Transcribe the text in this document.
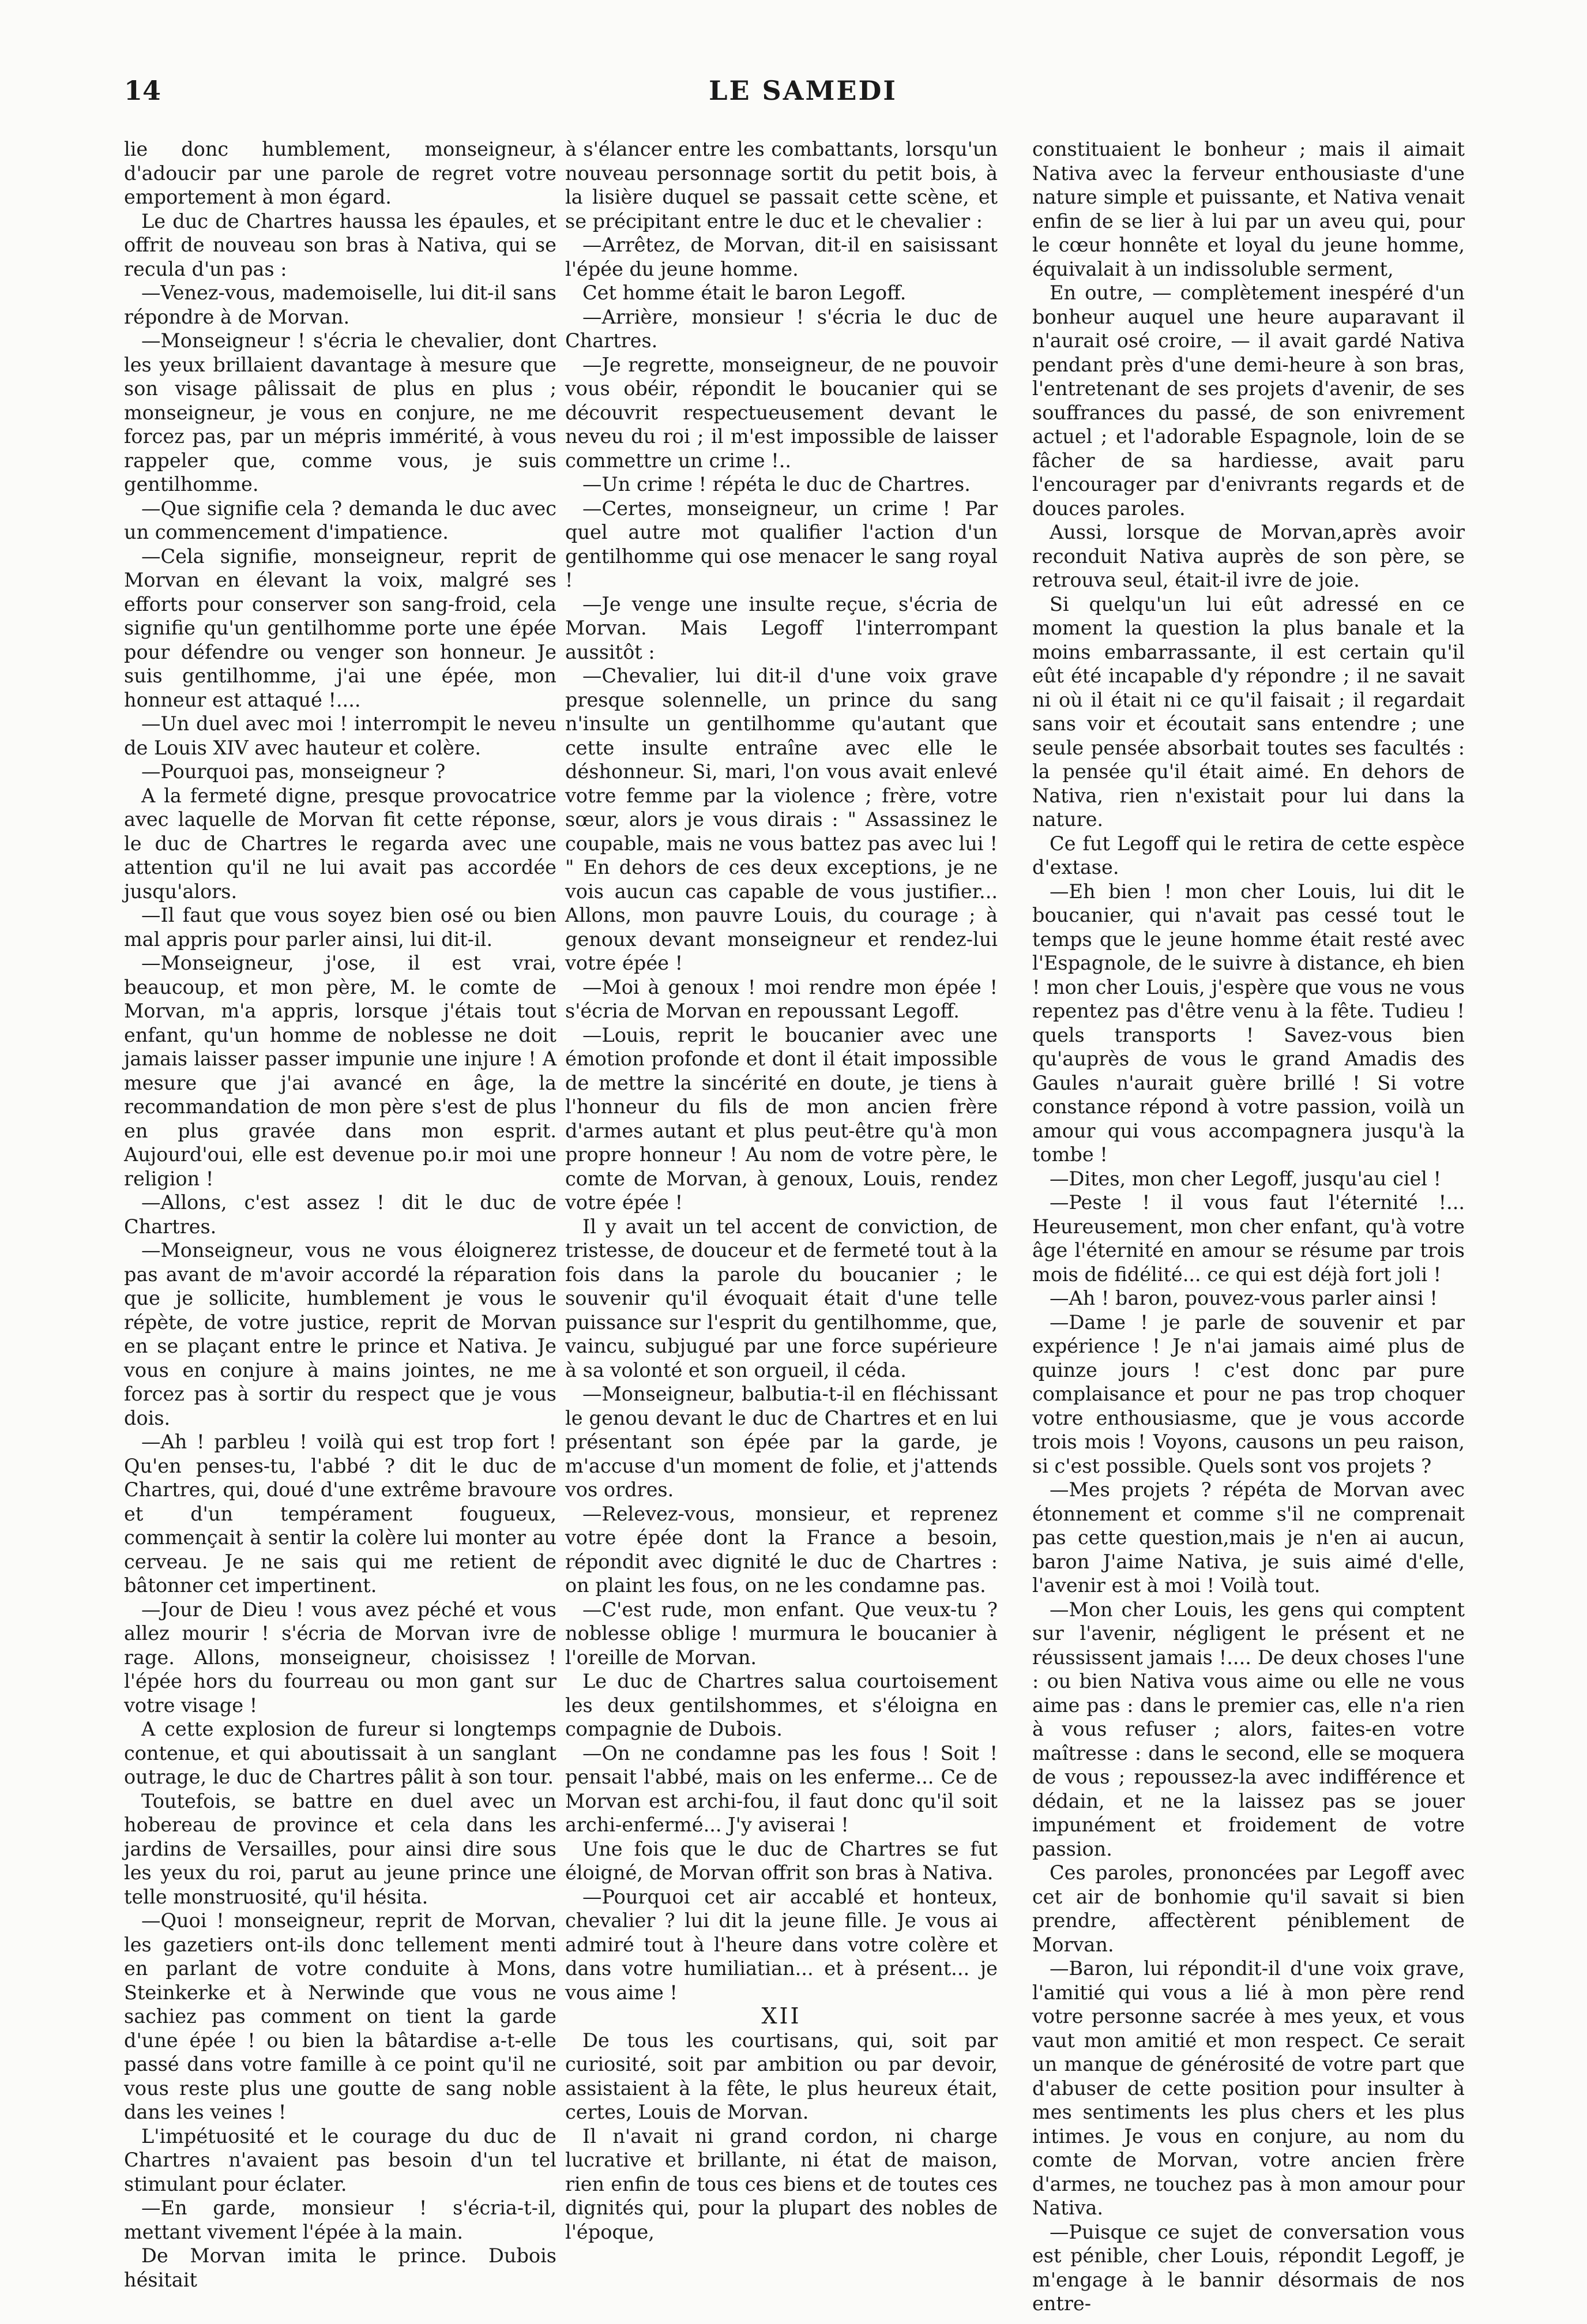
14	LE SAMEDI

lie donc humblement, monseigneur, d'adoucir par une parole de regret votre emportement à mon égard.

Le duc de Chartres haussa les épaules, et offrit de nouveau son bras à Nativa, qui se recula d'un pas :

—Venez-vous, mademoiselle, lui dit-il sans répondre à de Morvan.

—Monseigneur ! s'écria le chevalier, dont les yeux brillaient davantage à mesure que son visage pâlissait de plus en plus ; monseigneur, je vous en conjure, ne me forcez pas, par un mépris immérité, à vous rappeler que, comme vous, je suis gentilhomme.

—Que signifie cela ? demanda le duc avec un commencement d'impatience.

—Cela signifie, monseigneur, reprit de Morvan en élevant la voix, malgré ses efforts pour conserver son sang-froid, cela signifie qu'un gentilhomme porte une épée pour défendre ou venger son honneur. Je suis gentilhomme, j'ai une épée, mon honneur est attaqué !....

—Un duel avec moi ! interrompit le neveu de Louis XIV avec hauteur et colère.

—Pourquoi pas, monseigneur ?

A la fermeté digne, presque provocatrice avec laquelle de Morvan fit cette réponse, le duc de Chartres le regarda avec une attention qu'il ne lui avait pas accordée jusqu'alors.

—Il faut que vous soyez bien osé ou bien mal appris pour parler ainsi, lui dit-il.

—Monseigneur, j'ose, il est vrai, beaucoup, et mon père, M. le comte de Morvan, m'a appris, lorsque j'étais tout enfant, qu'un homme de noblesse ne doit jamais laisser passer impunie une injure ! A mesure que j'ai avancé en âge, la recommandation de mon père s'est de plus en plus gravée dans mon esprit. Aujourd'oui, elle est devenue po.ir moi une religion !

—Allons, c'est assez ! dit le duc de Chartres.

—Monseigneur, vous ne vous éloignerez pas avant de m'avoir accordé la réparation que je sollicite, humblement je vous le répète, de votre justice, reprit de Morvan en se plaçant entre le prince et Nativa. Je vous en conjure à mains jointes, ne me forcez pas à sortir du respect que je vous dois.

—Ah ! parbleu ! voilà qui est trop fort ! Qu'en penses-tu, l'abbé ? dit le duc de Chartres, qui, doué d'une extrême bravoure et d'un tempérament fougueux, commençait à sentir la colère lui monter au cerveau. Je ne sais qui me retient de bâtonner cet impertinent.

—Jour de Dieu ! vous avez péché et vous allez mourir ! s'écria de Morvan ivre de rage. Allons, monseigneur, choisissez ! l'épée hors du fourreau ou mon gant sur votre visage !

A cette explosion de fureur si longtemps contenue, et qui aboutissait à un sanglant outrage, le duc de Chartres pâlit à son tour.

Toutefois, se battre en duel avec un hobereau de province et cela dans les jardins de Versailles, pour ainsi dire sous les yeux du roi, parut au jeune prince une telle monstruosité, qu'il hésita.

—Quoi ! monseigneur, reprit de Morvan, les gazetiers ont-ils donc tellement menti en parlant de votre conduite à Mons, Steinkerke et à Nerwinde que vous ne sachiez pas comment on tient la garde d'une épée ! ou bien la bâtardise a-t-elle passé dans votre famille à ce point qu'il ne vous reste plus une goutte de sang noble dans les veines !

L'impétuosité et le courage du duc de Chartres n'avaient pas besoin d'un tel stimulant pour éclater.

—En garde, monsieur ! s'écria-t-il, mettant vivement l'épée à la main.

De Morvan imita le prince. Dubois hésitait

à s'élancer entre les combattants, lorsqu'un nouveau personnage sortit du petit bois, à la lisière duquel se passait cette scène, et se précipitant entre le duc et le chevalier :

—Arrêtez, de Morvan, dit-il en saisissant l'épée du jeune homme.

Cet homme était le baron Legoff.

—Arrière, monsieur ! s'écria le duc de Chartres.

—Je regrette, monseigneur, de ne pouvoir vous obéir, répondit le boucanier qui se découvrit respectueusement devant le neveu du roi ; il m'est impossible de laisser commettre un crime !..

—Un crime ! répéta le duc de Chartres.

—Certes, monseigneur, un crime ! Par quel autre mot qualifier l'action d'un gentilhomme qui ose menacer le sang royal !

—Je venge une insulte reçue, s'écria de Morvan. Mais Legoff l'interrompant aussitôt :

—Chevalier, lui dit-il d'une voix grave presque solennelle, un prince du sang n'insulte un gentilhomme qu'autant que cette insulte entraîne avec elle le déshonneur. Si, mari, l'on vous avait enlevé votre femme par la violence ; frère, votre sœur, alors je vous dirais : " Assassinez le coupable, mais ne vous battez pas avec lui ! " En dehors de ces deux exceptions, je ne vois aucun cas capable de vous justifier... Allons, mon pauvre Louis, du courage ; à genoux devant monseigneur et rendez-lui votre épée !

—Moi à genoux ! moi rendre mon épée ! s'écria de Morvan en repoussant Legoff.

—Louis, reprit le boucanier avec une émotion profonde et dont il était impossible de mettre la sincérité en doute, je tiens à l'honneur du fils de mon ancien frère d'armes autant et plus peut-être qu'à mon propre honneur ! Au nom de votre père, le comte de Morvan, à genoux, Louis, rendez votre épée !

Il y avait un tel accent de conviction, de tristesse, de douceur et de fermeté tout à la fois dans la parole du boucanier ; le souvenir qu'il évoquait était d'une telle puissance sur l'esprit du gentilhomme, que, vaincu, subjugué par une force supérieure à sa volonté et son orgueil, il céda.

—Monseigneur, balbutia-t-il en fléchissant le genou devant le duc de Chartres et en lui présentant son épée par la garde, je m'accuse d'un moment de folie, et j'attends vos ordres.

—Relevez-vous, monsieur, et reprenez votre épée dont la France a besoin, répondit avec dignité le duc de Chartres : on plaint les fous, on ne les condamne pas.

—C'est rude, mon enfant. Que veux-tu ? noblesse oblige ! murmura le boucanier à l'oreille de Morvan.

Le duc de Chartres salua courtoisement les deux gentilshommes, et s'éloigna en compagnie de Dubois.

—On ne condamne pas les fous ! Soit ! pensait l'abbé, mais on les enferme... Ce de Morvan est archi-fou, il faut donc qu'il soit archi-enfermé... J'y aviserai !

Une fois que le duc de Chartres se fut éloigné, de Morvan offrit son bras à Nativa.

—Pourquoi cet air accablé et honteux, chevalier ? lui dit la jeune fille. Je vous ai admiré tout à l'heure dans votre colère et dans votre humiliatian... et à présent... je vous aime !

XII

De tous les courtisans, qui, soit par curiosité, soit par ambition ou par devoir, assistaient à la fête, le plus heureux était, certes, Louis de Morvan.

Il n'avait ni grand cordon, ni charge lucrative et brillante, ni état de maison, rien enfin de tous ces biens et de toutes ces dignités qui, pour la plupart des nobles de l'époque,

constituaient le bonheur ; mais il aimait Nativa avec la ferveur enthousiaste d'une nature simple et puissante, et Nativa venait enfin de se lier à lui par un aveu qui, pour le cœur honnête et loyal du jeune homme, équivalait à un indissoluble serment,

En outre, — complètement inespéré d'un bonheur auquel une heure auparavant il n'aurait osé croire, — il avait gardé Nativa pendant près d'une demi-heure à son bras, l'entretenant de ses projets d'avenir, de ses souffrances du passé, de son enivrement actuel ; et l'adorable Espagnole, loin de se fâcher de sa hardiesse, avait paru l'encourager par d'enivrants regards et de douces paroles.

Aussi, lorsque de Morvan,après avoir reconduit Nativa auprès de son père, se retrouva seul, était-il ivre de joie.

Si quelqu'un lui eût adressé en ce moment la question la plus banale et la moins embarrassante, il est certain qu'il eût été incapable d'y répondre ; il ne savait ni où il était ni ce qu'il faisait ; il regardait sans voir et écoutait sans entendre ; une seule pensée absorbait toutes ses facultés : la pensée qu'il était aimé. En dehors de Nativa, rien n'existait pour lui dans la nature.

Ce fut Legoff qui le retira de cette espèce d'extase.

—Eh bien ! mon cher Louis, lui dit le boucanier, qui n'avait pas cessé tout le temps que le jeune homme était resté avec l'Espagnole, de le suivre à distance, eh bien ! mon cher Louis, j'espère que vous ne vous repentez pas d'être venu à la fête. Tudieu ! quels transports ! Savez-vous bien qu'auprès de vous le grand Amadis des Gaules n'aurait guère brillé ! Si votre constance répond à votre passion, voilà un amour qui vous accompagnera jusqu'à la tombe !

—Dites, mon cher Legoff, jusqu'au ciel !

—Peste ! il vous faut l'éternité !... Heureusement, mon cher enfant, qu'à votre âge l'éternité en amour se résume par trois mois de fidélité... ce qui est déjà fort joli !

—Ah ! baron, pouvez-vous parler ainsi !

—Dame ! je parle de souvenir et par expérience ! Je n'ai jamais aimé plus de quinze jours ! c'est donc par pure complaisance et pour ne pas trop choquer votre enthousiasme, que je vous accorde trois mois ! Voyons, causons un peu raison, si c'est possible. Quels sont vos projets ?

—Mes projets ? répéta de Morvan avec étonnement et comme s'il ne comprenait pas cette question,mais je n'en ai aucun, baron J'aime Nativa, je suis aimé d'elle, l'avenir est à moi ! Voilà tout.

—Mon cher Louis, les gens qui comptent sur l'avenir, négligent le présent et ne réussissent jamais !.... De deux choses l'une : ou bien Nativa vous aime ou elle ne vous aime pas : dans le premier cas, elle n'a rien à vous refuser ; alors, faites-en votre maîtresse : dans le second, elle se moquera de vous ; repoussez-la avec indifférence et dédain, et ne la laissez pas se jouer impunément et froidement de votre passion.

Ces paroles, prononcées par Legoff avec cet air de bonhomie qu'il savait si bien prendre, affectèrent péniblement de Morvan.

—Baron, lui répondit-il d'une voix grave, l'amitié qui vous a lié à mon père rend votre personne sacrée à mes yeux, et vous vaut mon amitié et mon respect. Ce serait un manque de générosité de votre part que d'abuser de cette position pour insulter à mes sentiments les plus chers et les plus intimes. Je vous en conjure, au nom du comte de Morvan, votre ancien frère d'armes, ne touchez pas à mon amour pour Nativa.

—Puisque ce sujet de conversation vous est pénible, cher Louis, répondit Legoff, je m'engage à le bannir désormais de nos entre-
